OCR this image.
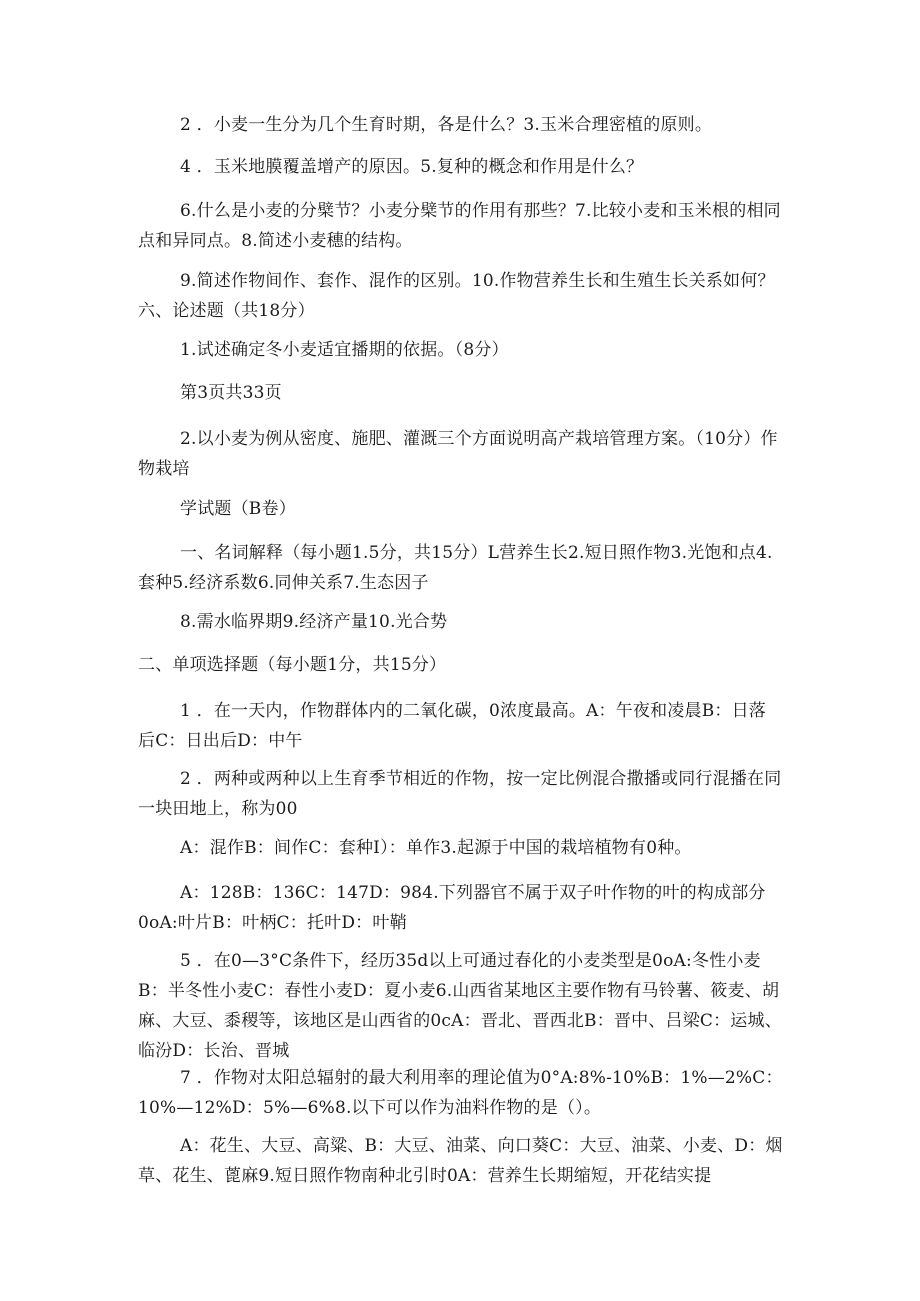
2 ．小麦一生分为几个生育时期，各是什么？3.玉米合理密植的原则。

4 ．玉米地膜覆盖增产的原因。5.复种的概念和作用是什么？

6.什么是小麦的分檗节？小麦分檗节的作用有那些？7.比较小麦和玉米根的相同点和异同点。8.简述小麦穗的结构。

9.简述作物间作、套作、混作的区别。10.作物营养生长和生殖生长关系如何？六、论述题（共18分）

1.试述确定冬小麦适宜播期的依据。（8分）

第3页共33页

2.以小麦为例从密度、施肥、灌溉三个方面说明高产栽培管理方案。（10分）作物栽培

学试题（B卷）

一、名词解释（每小题1.5分，共15分）L营养生长2.短日照作物3.光饱和点4.套种5.经济系数6.同伸关系7.生态因子

8.需水临界期9.经济产量10.光合势

二、单项选择题（每小题1分，共15分）

1 ．在一天内，作物群体内的二氧化碳，0浓度最高。A：午夜和凌晨B：日落后C：日出后D：中午

2 ．两种或两种以上生育季节相近的作物，按一定比例混合撒播或同行混播在同一块田地上，称为00

A：混作B：间作C：套种I）：单作3.起源于中国的栽培植物有0种。

A：128B：136C：147D：984.下列器官不属于双子叶作物的叶的构成部分0oA:叶片B：叶柄C：托叶D：叶鞘

5 ．在0—3°C条件下，经历35d以上可通过春化的小麦类型是0oA:冬性小麦B：半冬性小麦C：春性小麦D：夏小麦6.山西省某地区主要作物有马铃薯、筱麦、胡麻、大豆、黍稷等，该地区是山西省的0cA：晋北、晋西北B：晋中、吕梁C：运城、临汾D：长治、晋城

7 ．作物对太阳总辐射的最大利用率的理论值为0°A:8%-10%B：1%—2%C：10%—12%D：5%—6%8.以下可以作为油料作物的是（）。

A：花生、大豆、高粱、B：大豆、油菜、向口葵C：大豆、油菜、小麦、D：烟草、花生、蓖麻9.短日照作物南种北引时0A：营养生长期缩短，开花结实提
